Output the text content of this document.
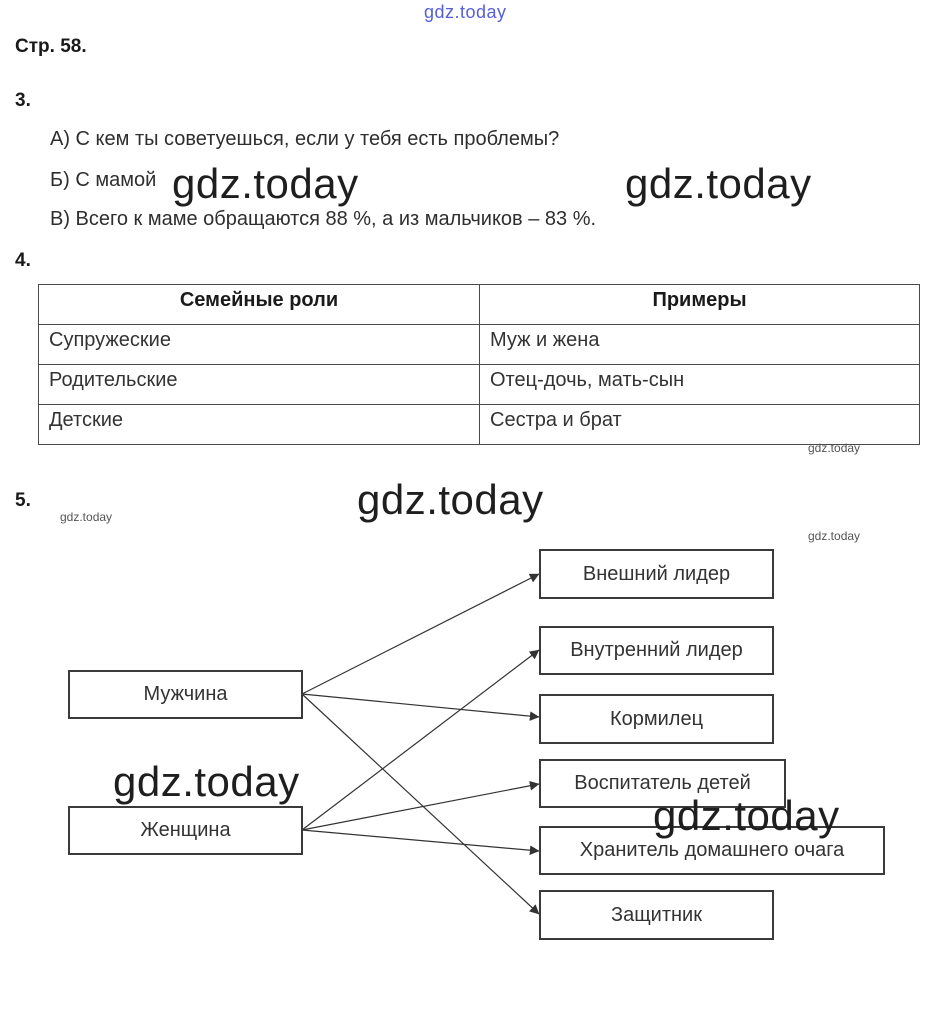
gdz.today
Стр. 58.
3.
А) С кем ты советуешься, если у тебя есть проблемы?
Б) С мамой
В) Всего к маме обращаются 88 %, а из мальчиков – 83 %.
4.
Семейные роли	Примеры
Супружеские	Муж и жена
Родительские	Отец-дочь, мать-сын
Детские	Сестра и брат
5.
Мужчина
Женщина
Внешний лидер
Внутренний лидер
Кормилец
Воспитатель детей
Хранитель домашнего очага
Защитник
gdz.today	gdz.today
gdz.today
gdz.today
gdz.today
gdz.today
gdz.today
gdz.today
